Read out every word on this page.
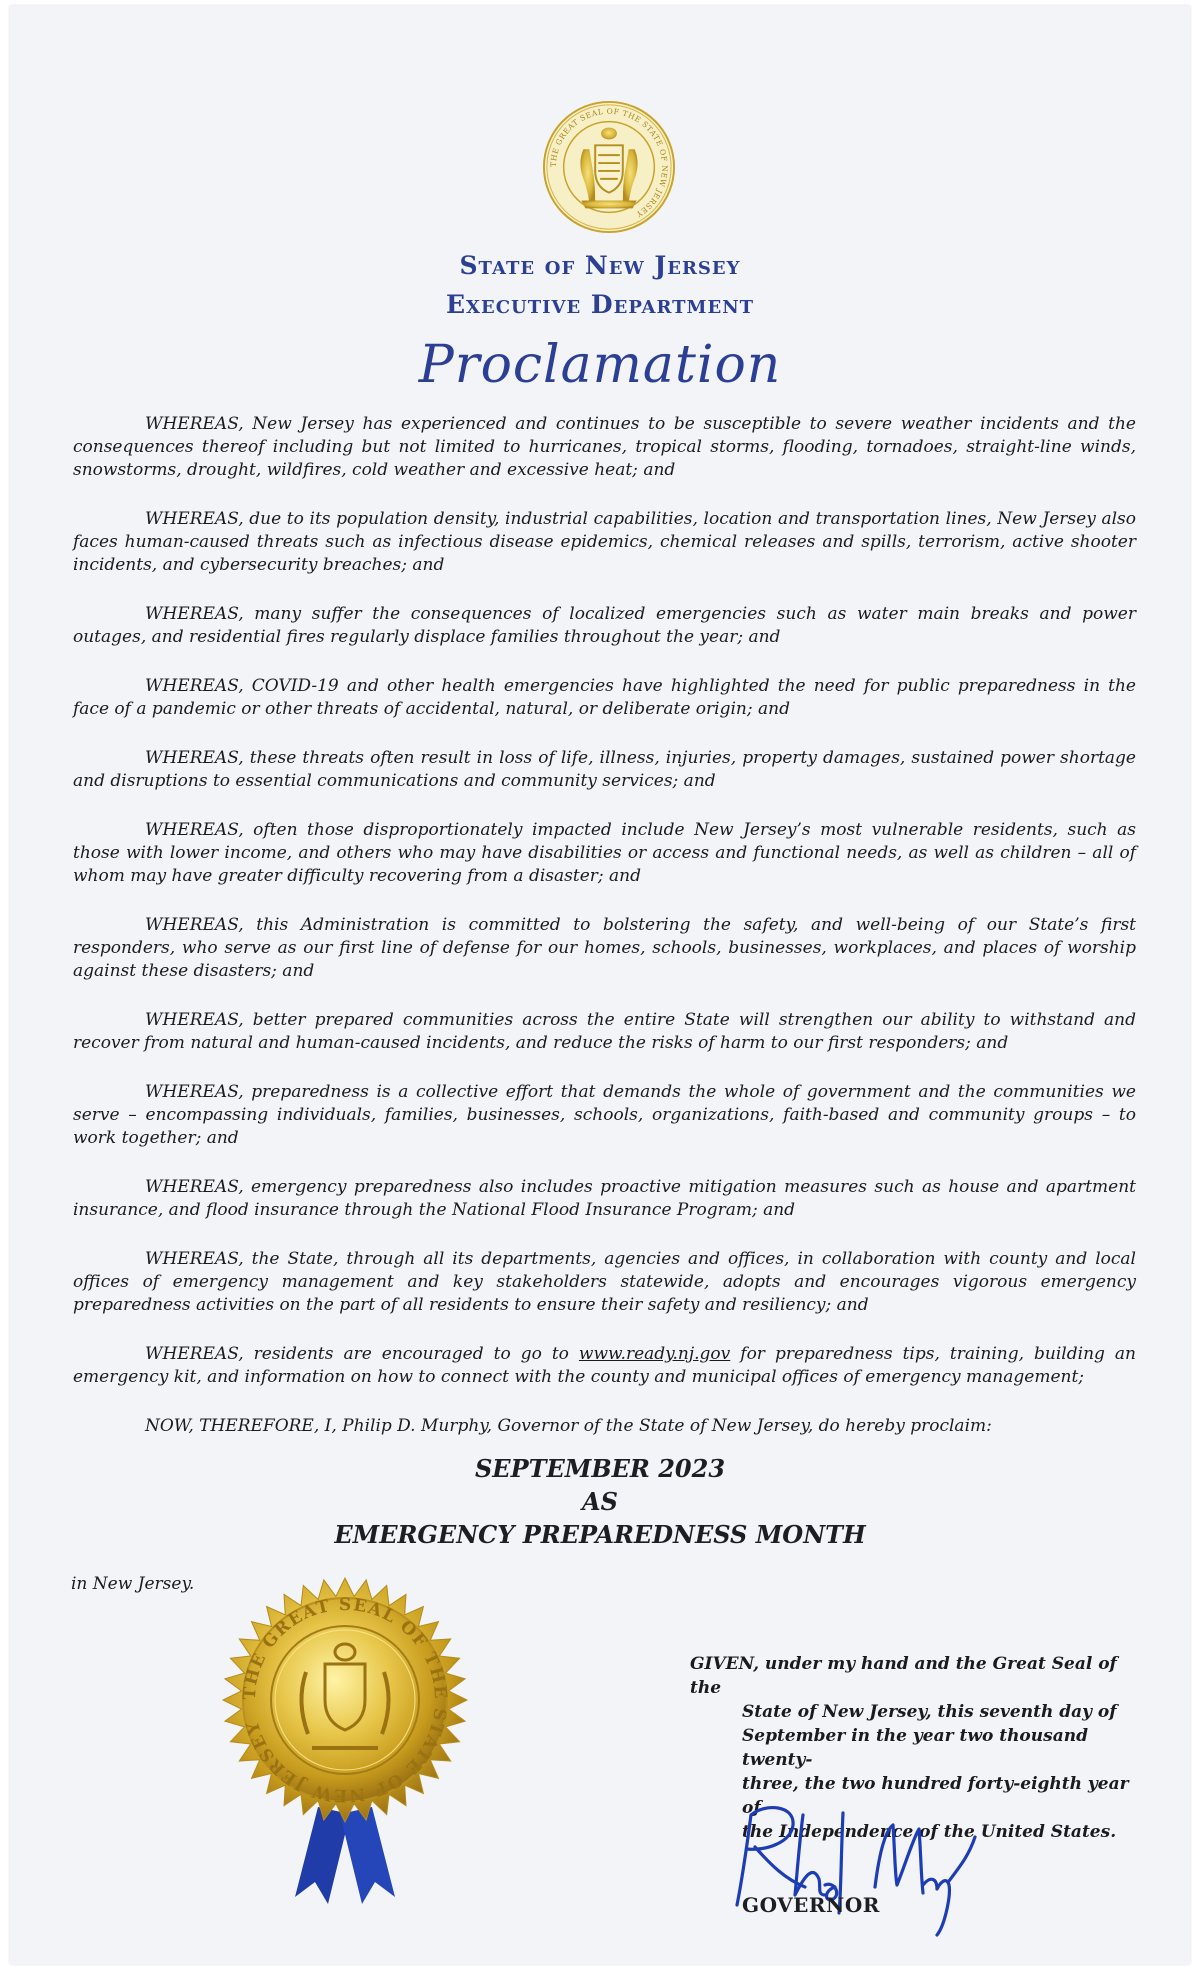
THE GREAT SEAL OF THE STATE OF NEW JERSEY
State of New Jersey
Executive Department
Proclamation

WHEREAS, New Jersey has experienced and continues to be susceptible to severe weather incidents and the consequences thereof including but not limited to hurricanes, tropical storms, flooding, tornadoes, straight-line winds, snowstorms, drought, wildfires, cold weather and excessive heat; and

WHEREAS, due to its population density, industrial capabilities, location and transportation lines, New Jersey also faces human-caused threats such as infectious disease epidemics, chemical releases and spills, terrorism, active shooter incidents, and cybersecurity breaches; and

WHEREAS, many suffer the consequences of localized emergencies such as water main breaks and power outages, and residential fires regularly displace families throughout the year; and

WHEREAS, COVID-19 and other health emergencies have highlighted the need for public preparedness in the face of a pandemic or other threats of accidental, natural, or deliberate origin; and

WHEREAS, these threats often result in loss of life, illness, injuries, property damages, sustained power shortage and disruptions to essential communications and community services; and

WHEREAS, often those disproportionately impacted include New Jersey’s most vulnerable residents, such as those with lower income, and others who may have disabilities or access and functional needs, as well as children – all of whom may have greater difficulty recovering from a disaster; and

WHEREAS, this Administration is committed to bolstering the safety, and well-being of our State’s first responders, who serve as our first line of defense for our homes, schools, businesses, workplaces, and places of worship against these disasters; and

WHEREAS, better prepared communities across the entire State will strengthen our ability to withstand and recover from natural and human-caused incidents, and reduce the risks of harm to our first responders; and

WHEREAS, preparedness is a collective effort that demands the whole of government and the communities we serve – encompassing individuals, families, businesses, schools, organizations, faith-based and community groups – to work together; and

WHEREAS, emergency preparedness also includes proactive mitigation measures such as house and apartment insurance, and flood insurance through the National Flood Insurance Program; and

WHEREAS, the State, through all its departments, agencies and offices, in collaboration with county and local offices of emergency management and key stakeholders statewide, adopts and encourages vigorous emergency preparedness activities on the part of all residents to ensure their safety and resiliency; and

WHEREAS, residents are encouraged to go to www.ready.nj.gov for preparedness tips, training, building an emergency kit, and information on how to connect with the county and municipal offices of emergency management;

NOW, THEREFORE, I, Philip D. Murphy, Governor of the State of New Jersey, do hereby proclaim:

SEPTEMBER 2023
AS
EMERGENCY PREPAREDNESS MONTH
in New Jersey.
THE GREAT SEAL OF THE STATE OF NEW JERSEY

GIVEN, under my hand and the Great Seal of the

State of New Jersey, this seventh day of

September in the year two thousand twenty-

three, the two hundred forty-eighth year of

the Independence of the United States.

GOVERNOR
